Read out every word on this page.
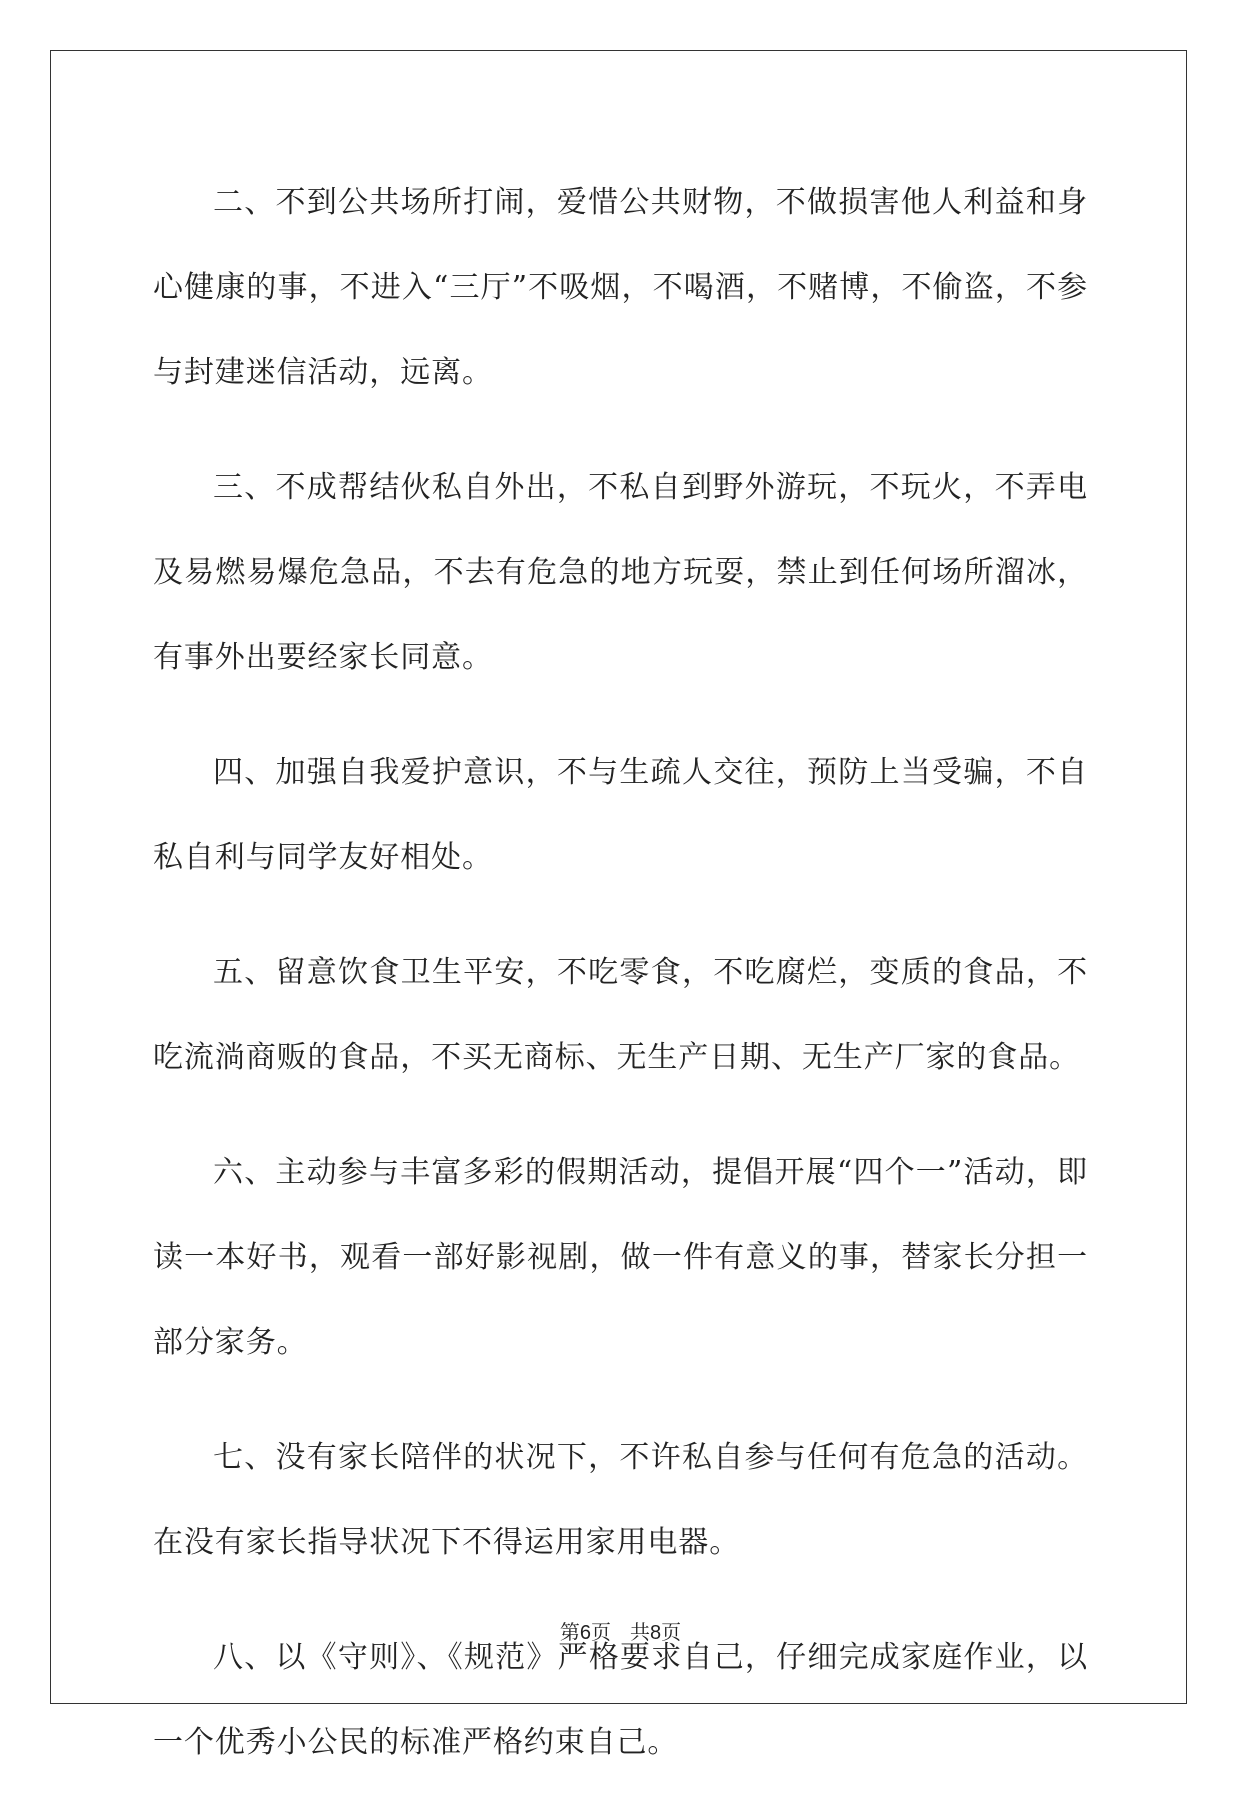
二、不到公共场所打闹，爱惜公共财物，不做损害他人利益和身心健康的事，不进入“三厅”不吸烟，不喝酒，不赌博，不偷盗，不参与封建迷信活动，远离。

三、不成帮结伙私自外出，不私自到野外游玩，不玩火，不弄电及易燃易爆危急品，不去有危急的地方玩耍，禁止到任何场所溜冰，有事外出要经家长同意。

四、加强自我爱护意识，不与生疏人交往，预防上当受骗，不自私自利与同学友好相处。

五、留意饮食卫生平安，不吃零食，不吃腐烂，变质的食品，不吃流淌商贩的食品，不买无商标、无生产日期、无生产厂家的食品。

六、主动参与丰富多彩的假期活动，提倡开展“四个一”活动，即读一本好书，观看一部好影视剧，做一件有意义的事，替家长分担一部分家务。

七、没有家长陪伴的状况下，不许私自参与任何有危急的活动。在没有家长指导状况下不得运用家用电器。

八、以《守则》、《规范》严格要求自己，仔细完成家庭作业，以一个优秀小公民的标准严格约束自己。

第6页 共8页
